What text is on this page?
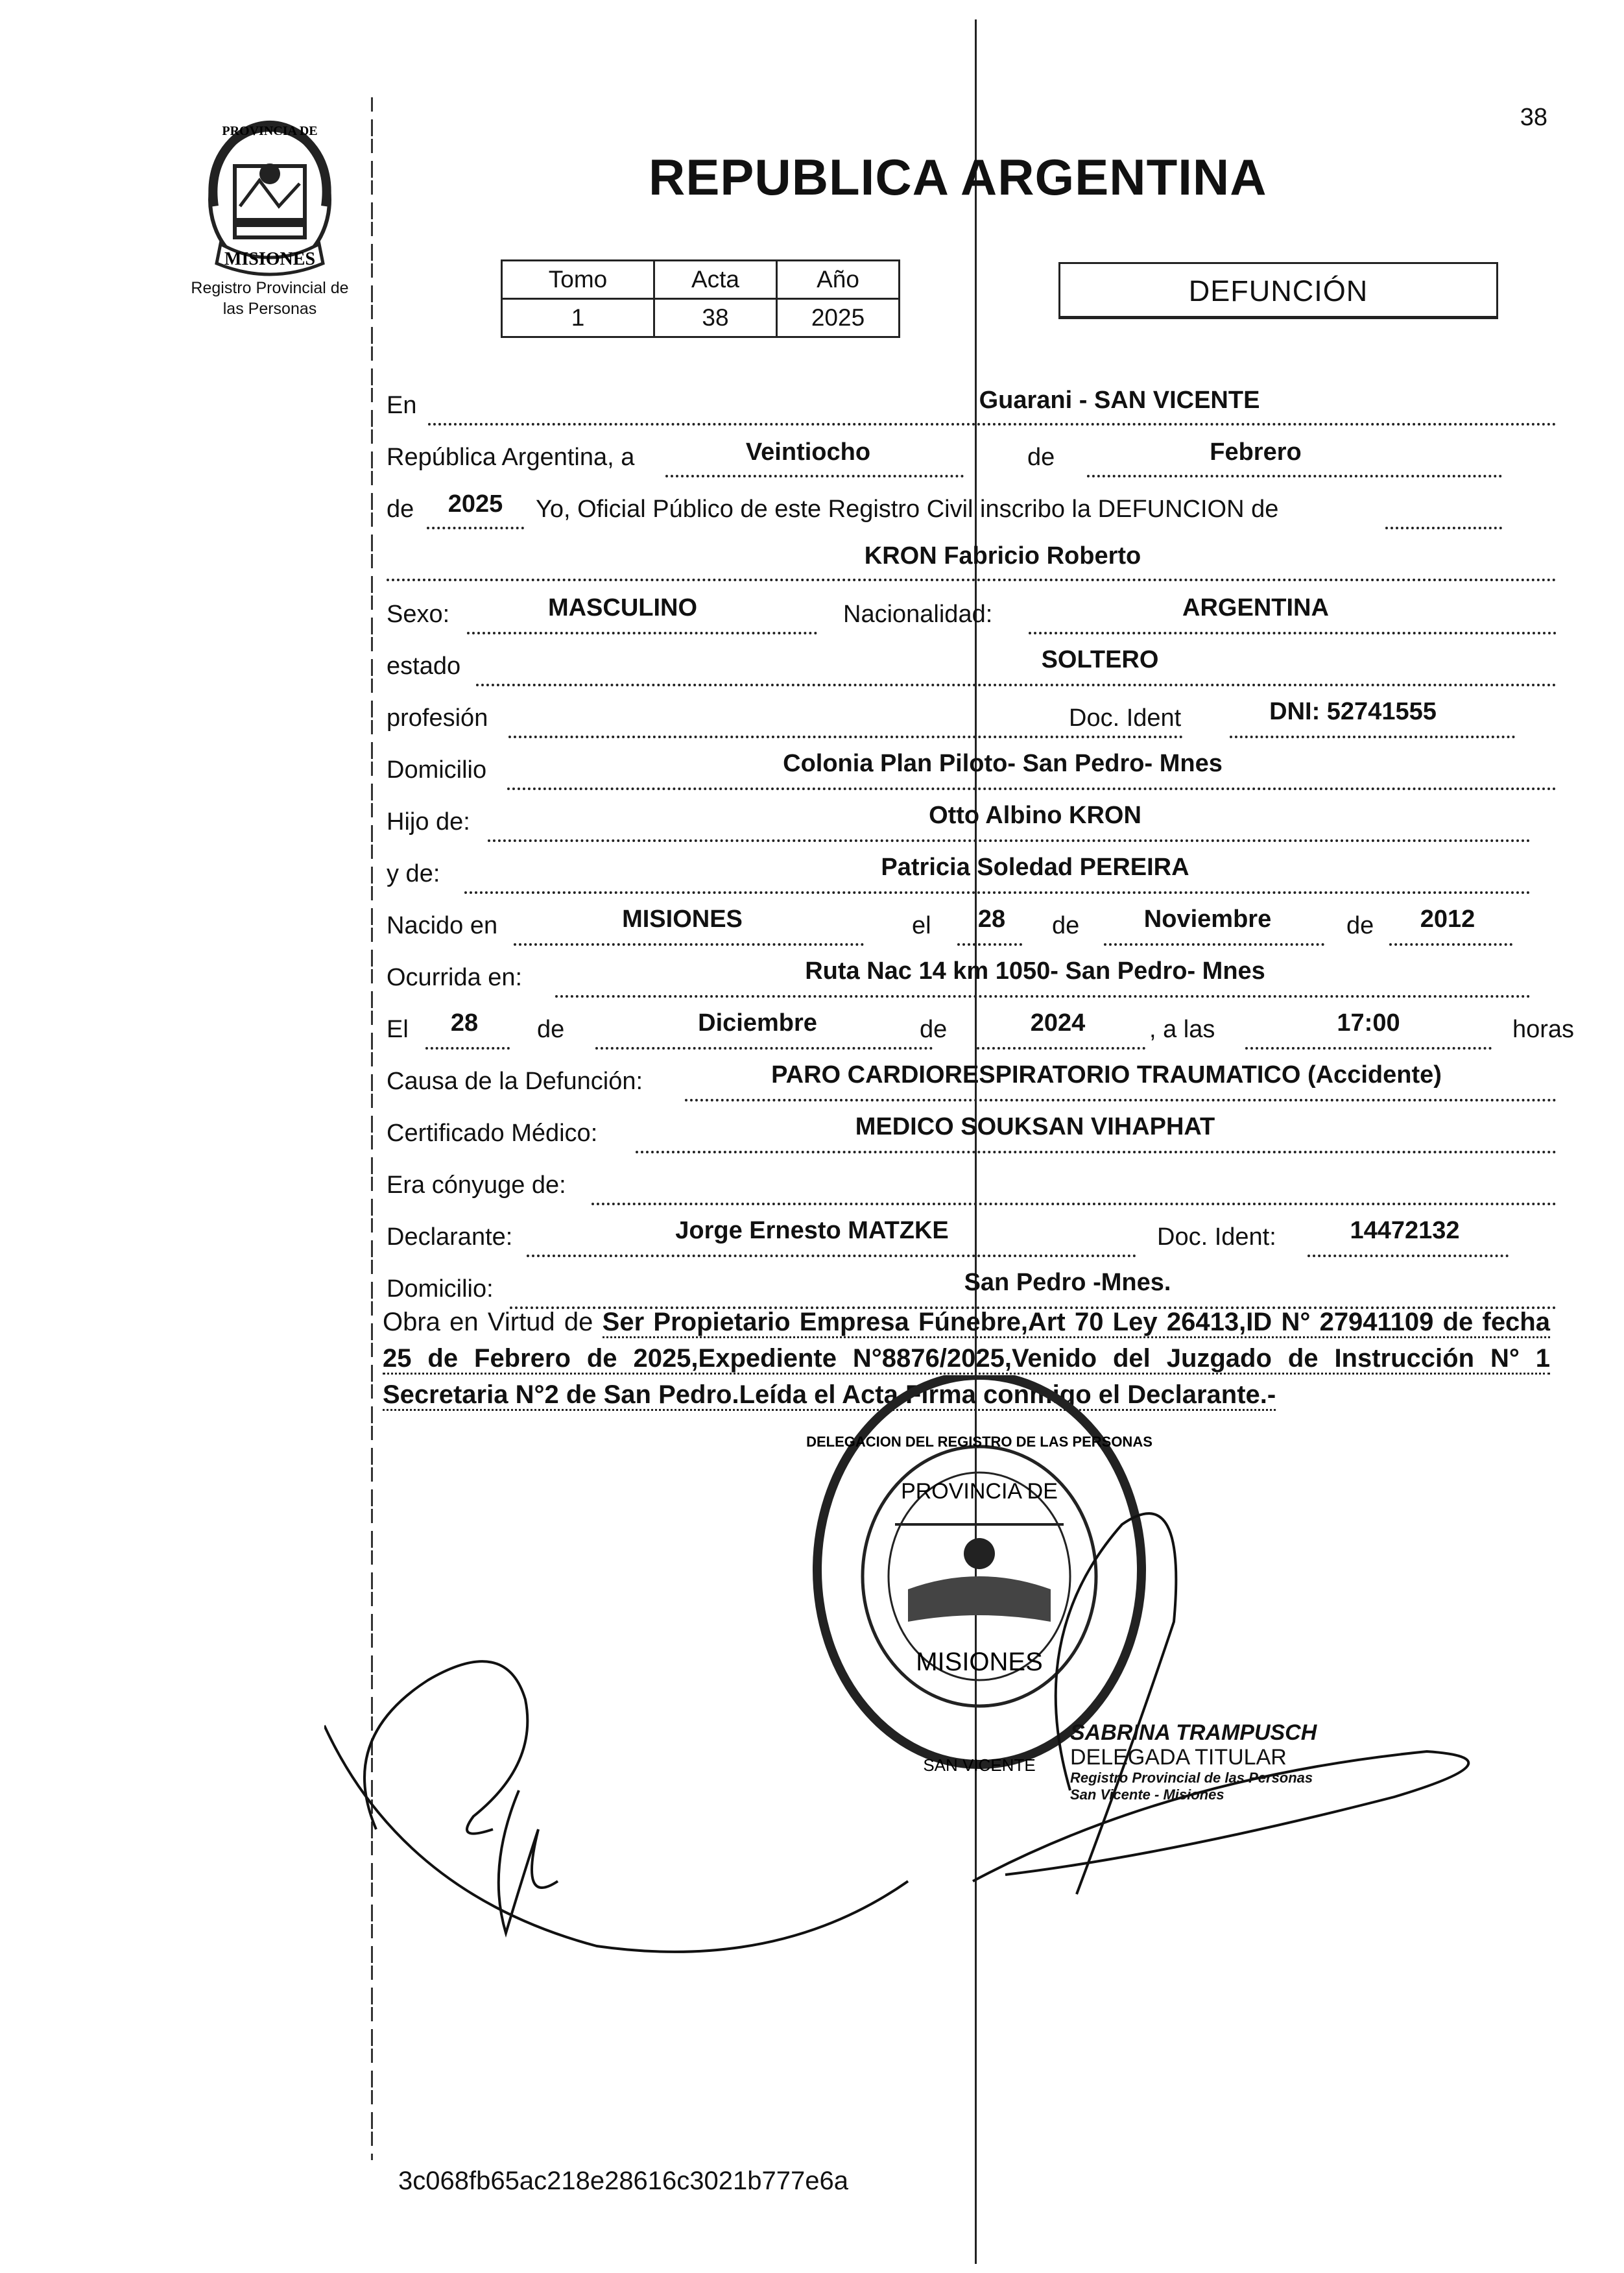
38
PROVINCIA DE
MISIONES
Registro Provincial de
las Personas
REPUBLICA ARGENTINA
Tomo	Acta	Año
1	38	2025
DEFUNCIÓN
En	Guarani - SAN VICENTE
República Argentina, a	Veintiocho	de	Febrero
de	2025	Yo, Oficial Público de este Registro Civil inscribo la DEFUNCION de
KRON Fabricio Roberto
Sexo:	MASCULINO	Nacionalidad:	ARGENTINA
estado	SOLTERO
profesión	Doc. Ident	DNI: 52741555
Domicilio	Colonia Plan Piloto- San Pedro- Mnes
Hijo de:	Otto Albino KRON
y de:	Patricia Soledad PEREIRA
Nacido en	MISIONES	el	28	de	Noviembre	de	2012
Ocurrida en:	Ruta Nac 14 km 1050- San Pedro- Mnes
El	28	de	Diciembre	de	2024	, a las	17:00	horas
Causa de la Defunción:	PARO CARDIORESPIRATORIO TRAUMATICO (Accidente)
Certificado Médico:	MEDICO SOUKSAN VIHAPHAT
Era cónyuge de:
Declarante:	Jorge Ernesto MATZKE	Doc. Ident:	14472132
Domicilio:	San Pedro -Mnes.
Obra en Virtud de Ser Propietario Empresa Fúnebre,Art 70 Ley 26413,ID N° 27941109 de fecha 25 de Febrero de 2025,Expediente N°8876/2025,Venido del Juzgado de Instrucción N° 1 Secretaria N°2 de San Pedro.Leída el Acta Firma conmigo el Declarante.-
PROVINCIA DE
MISIONES
SAN VICENTE
DELEGACION DEL REGISTRO DE LAS PERSONAS
SABRINA TRAMPUSCH
DELEGADA TITULAR
Registro Provincial de las Personas
San Vicente - Misiones
3c068fb65ac218e28616c3021b777e6a
